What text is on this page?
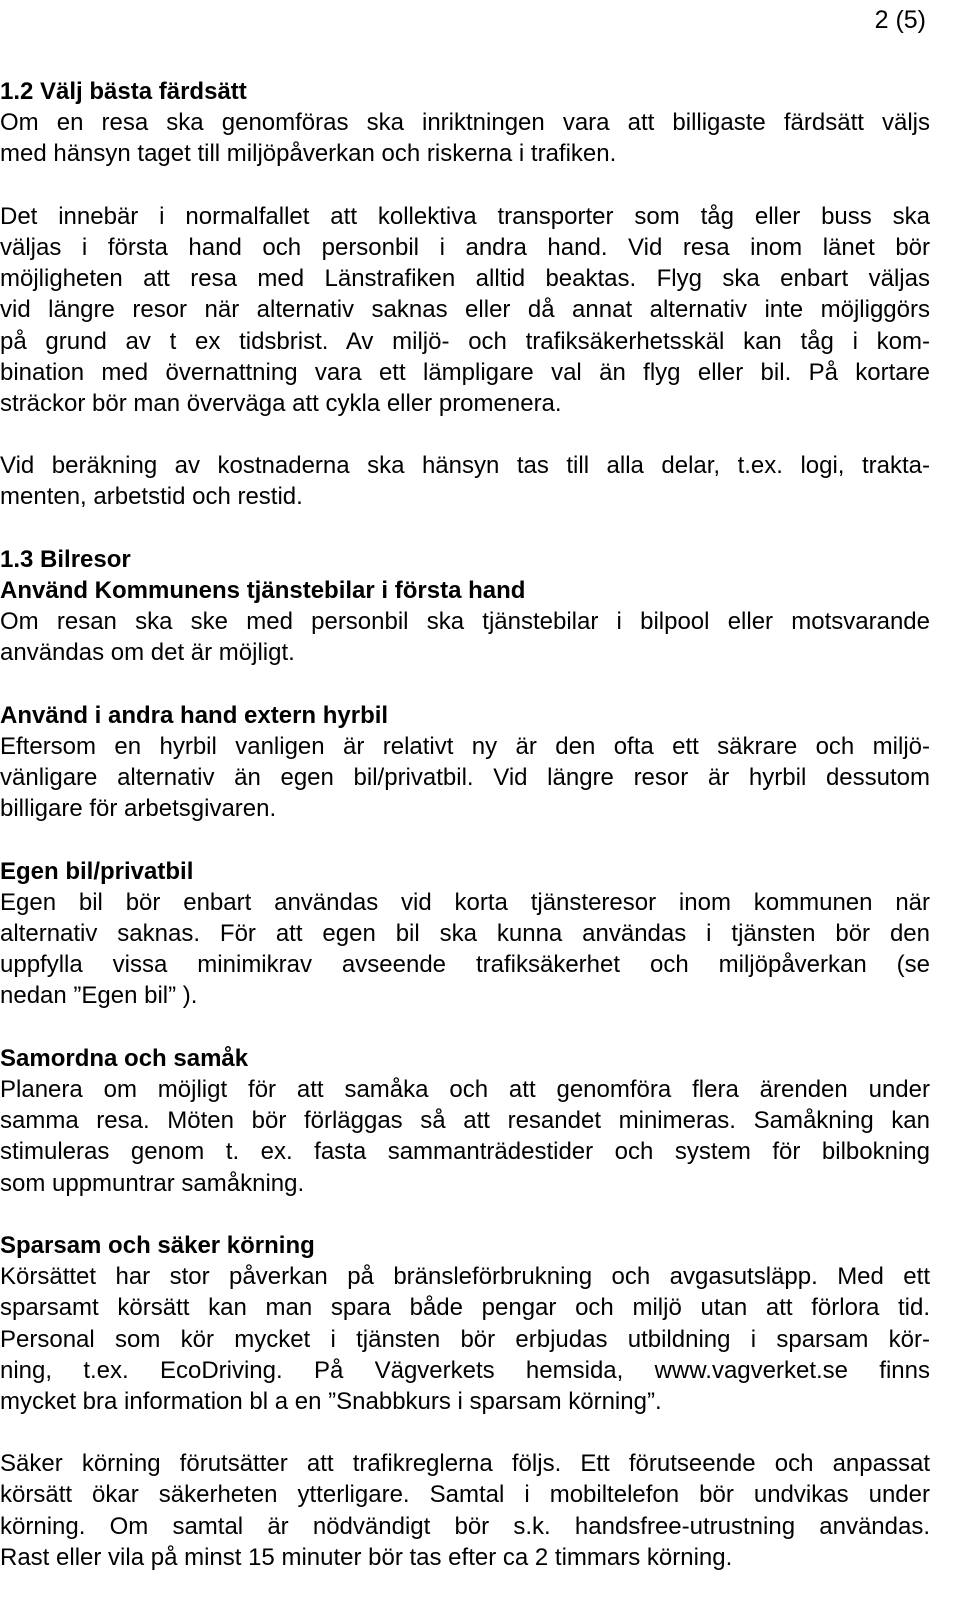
2 (5)
1.2 Välj bästa färdsätt
Om en resa ska genomföras ska inriktningen vara att billigaste färdsätt väljs
med hänsyn taget till miljöpåverkan och riskerna i trafiken.
Det innebär i normalfallet att kollektiva transporter som tåg eller buss ska
väljas i första hand och personbil i andra hand. Vid resa inom länet bör
möjligheten att resa med Länstrafiken alltid beaktas. Flyg ska enbart väljas
vid längre resor när alternativ saknas eller då annat alternativ inte möjliggörs
på grund av t ex tidsbrist. Av miljö- och trafiksäkerhetsskäl kan tåg i kom-
bination med övernattning vara ett lämpligare val än flyg eller bil. På kortare
sträckor bör man överväga att cykla eller promenera.
Vid beräkning av kostnaderna ska hänsyn tas till alla delar, t.ex. logi, trakta-
menten, arbetstid och restid.
1.3 Bilresor
Använd Kommunens tjänstebilar i första hand
Om resan ska ske med personbil ska tjänstebilar i bilpool eller motsvarande
användas om det är möjligt.
Använd i andra hand extern hyrbil
Eftersom en hyrbil vanligen är relativt ny är den ofta ett säkrare och miljö-
vänligare alternativ än egen bil/privatbil. Vid längre resor är hyrbil dessutom
billigare för arbetsgivaren.
Egen bil/privatbil
Egen bil bör enbart användas vid korta tjänsteresor inom kommunen när
alternativ saknas. För att egen bil ska kunna användas i tjänsten bör den
uppfylla vissa minimikrav avseende trafiksäkerhet och miljöpåverkan (se
nedan ”Egen bil” ).
Samordna och samåk
Planera om möjligt för att samåka och att genomföra flera ärenden under
samma resa. Möten bör förläggas så att resandet minimeras. Samåkning kan
stimuleras genom t. ex. fasta sammanträdestider och system för bilbokning
som uppmuntrar samåkning.
Sparsam och säker körning
Körsättet har stor påverkan på bränsleförbrukning och avgasutsläpp. Med ett
sparsamt körsätt kan man spara både pengar och miljö utan att förlora tid.
Personal som kör mycket i tjänsten bör erbjudas utbildning i sparsam kör-
ning, t.ex. EcoDriving. På Vägverkets hemsida, www.vagverket.se finns
mycket bra information bl a en ”Snabbkurs i sparsam körning”.
Säker körning förutsätter att trafikreglerna följs. Ett förutseende och anpassat
körsätt ökar säkerheten ytterligare. Samtal i mobiltelefon bör undvikas under
körning. Om samtal är nödvändigt bör s.k. handsfree-utrustning användas.
Rast eller vila på minst 15 minuter bör tas efter ca 2 timmars körning.
